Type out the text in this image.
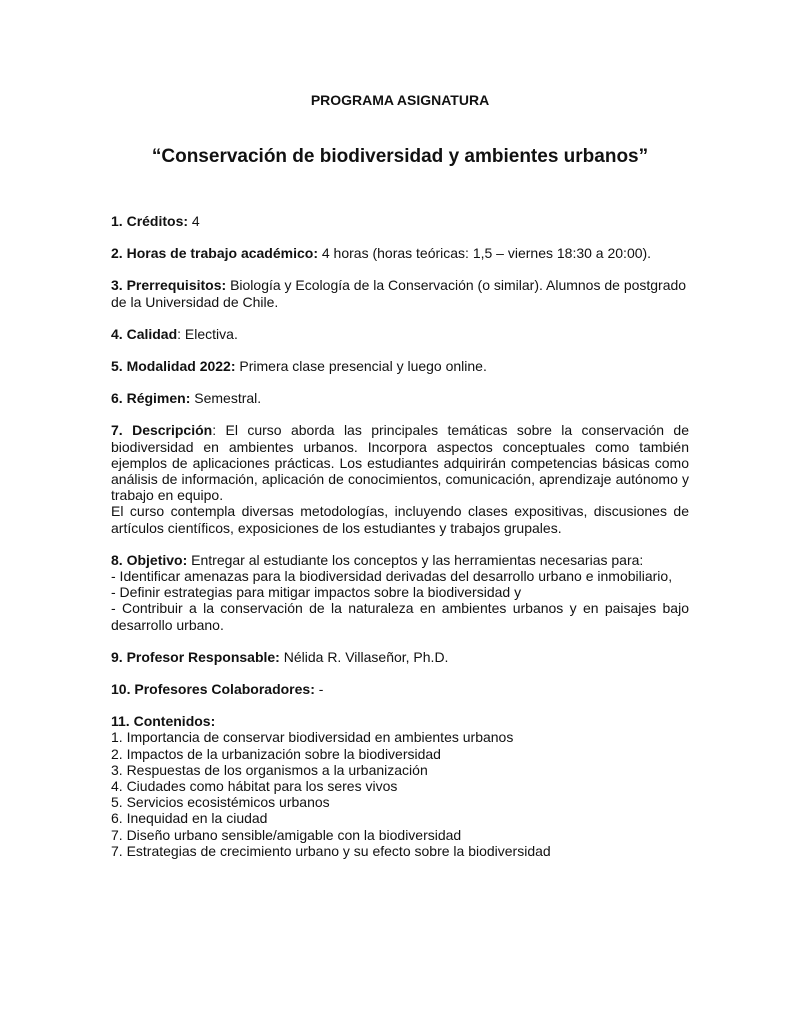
PROGRAMA ASIGNATURA
“Conservación de biodiversidad y ambientes urbanos”
1. Créditos: 4
2. Horas de trabajo académico: 4 horas (horas teóricas: 1,5 – viernes 18:30 a 20:00).
3. Prerrequisitos: Biología y Ecología de la Conservación (o similar). Alumnos de postgrado de la Universidad de Chile.
4. Calidad: Electiva.
5. Modalidad 2022: Primera clase presencial y luego online.
6. Régimen: Semestral.
7. Descripción: El curso aborda las principales temáticas sobre la conservación de biodiversidad en ambientes urbanos. Incorpora aspectos conceptuales como también ejemplos de aplicaciones prácticas. Los estudiantes adquirirán competencias básicas como análisis de información, aplicación de conocimientos, comunicación, aprendizaje autónomo y trabajo en equipo.
El curso contempla diversas metodologías, incluyendo clases expositivas, discusiones de artículos científicos, exposiciones de los estudiantes y trabajos grupales.
8. Objetivo: Entregar al estudiante los conceptos y las herramientas necesarias para:
- Identificar amenazas para la biodiversidad derivadas del desarrollo urbano e inmobiliario,
- Definir estrategias para mitigar impactos sobre la biodiversidad y
- Contribuir a la conservación de la naturaleza en ambientes urbanos y en paisajes bajo desarrollo urbano.
9. Profesor Responsable: Nélida R. Villaseñor, Ph.D.
10. Profesores Colaboradores: -
11. Contenidos:
1. Importancia de conservar biodiversidad en ambientes urbanos
2. Impactos de la urbanización sobre la biodiversidad
3. Respuestas de los organismos a la urbanización
4. Ciudades como hábitat para los seres vivos
5. Servicios ecosistémicos urbanos
6. Inequidad en la ciudad
7. Diseño urbano sensible/amigable con la biodiversidad
7. Estrategias de crecimiento urbano y su efecto sobre la biodiversidad
